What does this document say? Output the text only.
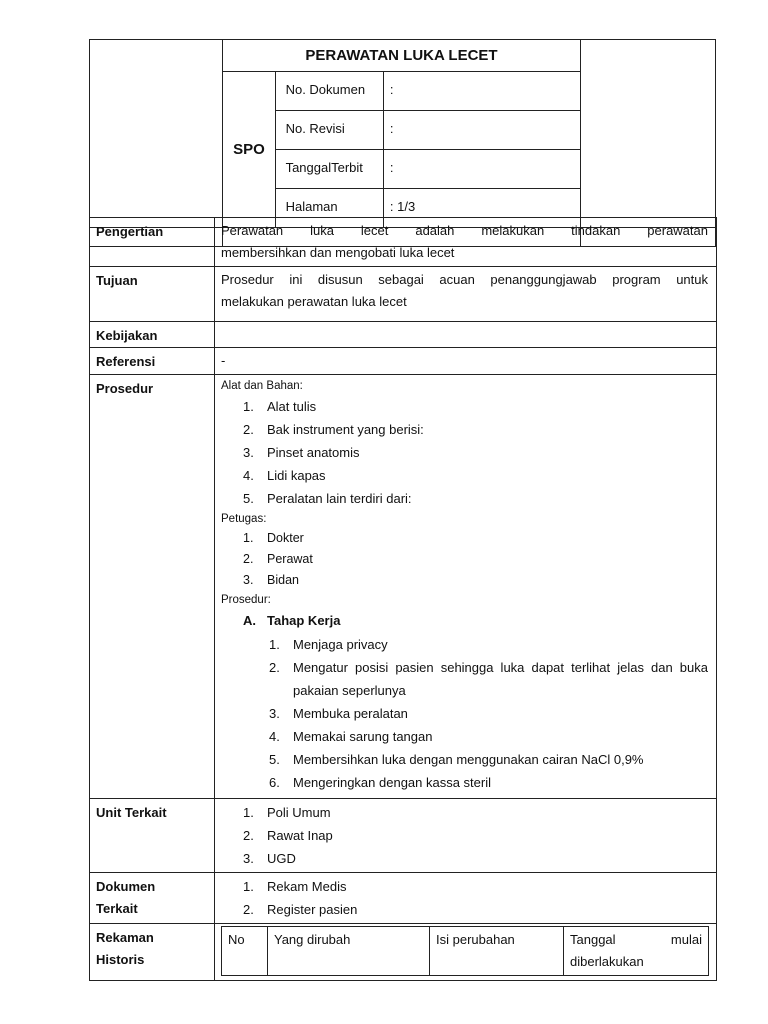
	PERAWATAN LUKA LECET			
	SPO	No. Dokumen	:	
		No. Revisi	:	
		TanggalTerbit	:	
		Halaman	: 1/3	

Pengertian	Perawatan luka lecet adalah melakukan tindakan perawatan
membersihkan dan mengobati luka lecet

Tujuan	Prosedur ini disusun sebagai acuan penanggungjawab program untuk
melakukan perawatan luka lecet

Kebijakan	
Referensi	-
Prosedur	Alat dan Bahan:
1.	Alat tulis
2.	Bak instrument yang berisi:
3.	Pinset anatomis
4.	Lidi kapas
5.	Peralatan lain terdiri dari:
Petugas:
1.	Dokter
2.	Perawat
3.	Bidan
Prosedur:
A. Tahap Kerja
1.	Menjaga privacy
2.	Mengatur posisi pasien sehingga luka dapat terlihat jelas dan buka pakaian seperlunya
3.	Membuka peralatan
4.	Memakai sarung tangan
5.	Membersihkan luka dengan menggunakan cairan NaCl 0,9%
6.	Mengeringkan dengan kassa steril

Unit Terkait	1.	Poli Umum
2.	Rawat Inap
3.	UGD

Dokumen
Terkait

1.	Rekam Medis
2.	Register pasien

Rekaman
Historis

No	Yang dirubah	Isi perubahan	Tanggal mulai diberlakukan
